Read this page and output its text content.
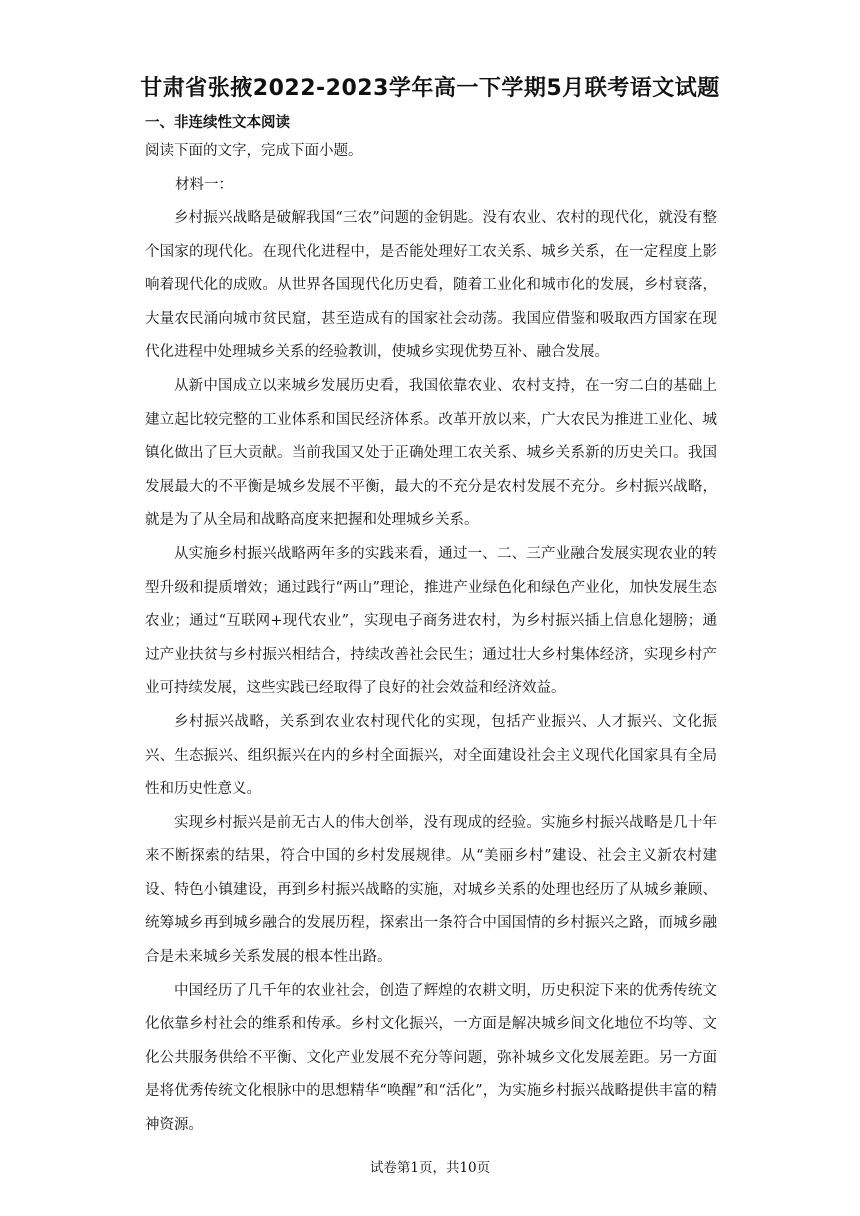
甘肃省张掖2022-2023学年高一下学期5月联考语文试题
一、非连续性文本阅读
阅读下面的文字，完成下面小题。
材料一：

乡村振兴战略是破解我国“三农”问题的金钥匙。没有农业、农村的现代化，就没有整个国家的现代化。在现代化进程中，是否能处理好工农关系、城乡关系，在一定程度上影响着现代化的成败。从世界各国现代化历史看，随着工业化和城市化的发展，乡村衰落，大量农民涌向城市贫民窟，甚至造成有的国家社会动荡。我国应借鉴和吸取西方国家在现代化进程中处理城乡关系的经验教训，使城乡实现优势互补、融合发展。

从新中国成立以来城乡发展历史看，我国依靠农业、农村支持，在一穷二白的基础上建立起比较完整的工业体系和国民经济体系。改革开放以来，广大农民为推进工业化、城镇化做出了巨大贡献。当前我国又处于正确处理工农关系、城乡关系新的历史关口。我国发展最大的不平衡是城乡发展不平衡，最大的不充分是农村发展不充分。乡村振兴战略，就是为了从全局和战略高度来把握和处理城乡关系。

从实施乡村振兴战略两年多的实践来看，通过一、二、三产业融合发展实现农业的转型升级和提质增效；通过践行“两山”理论，推进产业绿色化和绿色产业化，加快发展生态农业；通过“互联网+现代农业”，实现电子商务进农村，为乡村振兴插上信息化翅膀；通过产业扶贫与乡村振兴相结合，持续改善社会民生；通过壮大乡村集体经济，实现乡村产业可持续发展，这些实践已经取得了良好的社会效益和经济效益。

乡村振兴战略，关系到农业农村现代化的实现，包括产业振兴、人才振兴、文化振兴、生态振兴、组织振兴在内的乡村全面振兴，对全面建设社会主义现代化国家具有全局性和历史性意义。

实现乡村振兴是前无古人的伟大创举，没有现成的经验。实施乡村振兴战略是几十年来不断探索的结果，符合中国的乡村发展规律。从“美丽乡村”建设、社会主义新农村建设、特色小镇建设，再到乡村振兴战略的实施，对城乡关系的处理也经历了从城乡兼顾、统筹城乡再到城乡融合的发展历程，探索出一条符合中国国情的乡村振兴之路，而城乡融合是未来城乡关系发展的根本性出路。

中国经历了几千年的农业社会，创造了辉煌的农耕文明，历史积淀下来的优秀传统文化依靠乡村社会的维系和传承。乡村文化振兴，一方面是解决城乡间文化地位不均等、文化公共服务供给不平衡、文化产业发展不充分等问题，弥补城乡文化发展差距。另一方面是将优秀传统文化根脉中的思想精华“唤醒”和“活化”，为实施乡村振兴战略提供丰富的精神资源。

试卷第1页，共10页
